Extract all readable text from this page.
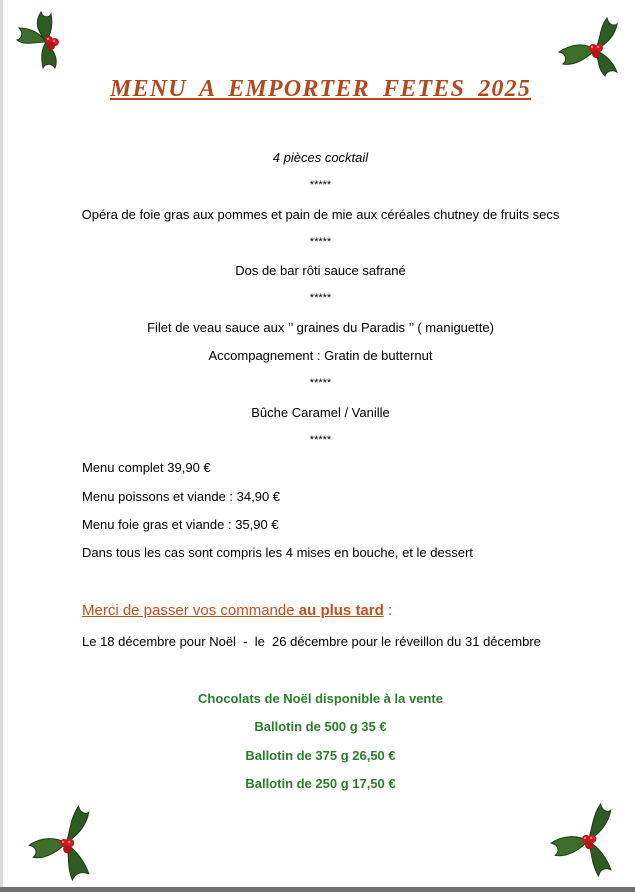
MENU A EMPORTER FETES 2025
4 pièces cocktail
*****
Opéra de foie gras aux pommes et pain de mie aux céréales chutney de fruits secs
*****
Dos de bar rôti sauce safrané
*****
Filet de veau sauce aux ’’ graines du Paradis ’’ ( maniguette)
Accompagnement : Gratin de butternut
*****
Bûche Caramel / Vanille
*****
Menu complet 39,90 €
Menu poissons et viande : 34,90 €
Menu foie gras et viande : 35,90 €
Dans tous les cas sont compris les 4 mises en bouche, et le dessert
Merci de passer vos commande au plus tard :
Le 18 décembre pour Noël  -  le  26 décembre pour le réveillon du 31 décembre
Chocolats de Noël disponible à la vente
Ballotin de 500 g 35 €
Ballotin de 375 g 26,50 €
Ballotin de 250 g 17,50 €
